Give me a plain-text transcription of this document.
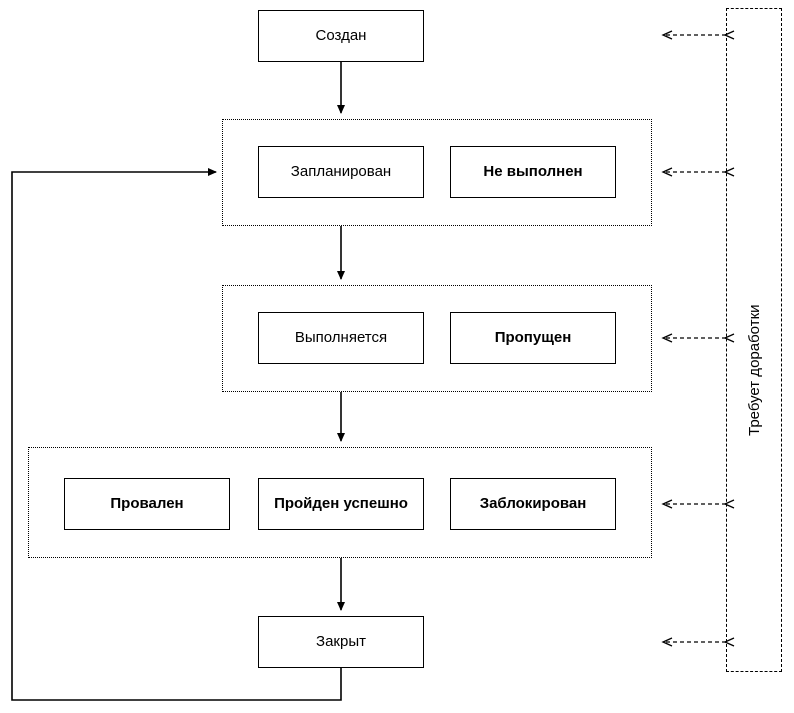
Требует доработки
Создан
Запланирован	Не выполнен
Выполняется	Пропущен
Провален	Пройден успешно	Заблокирован
Закрыт
